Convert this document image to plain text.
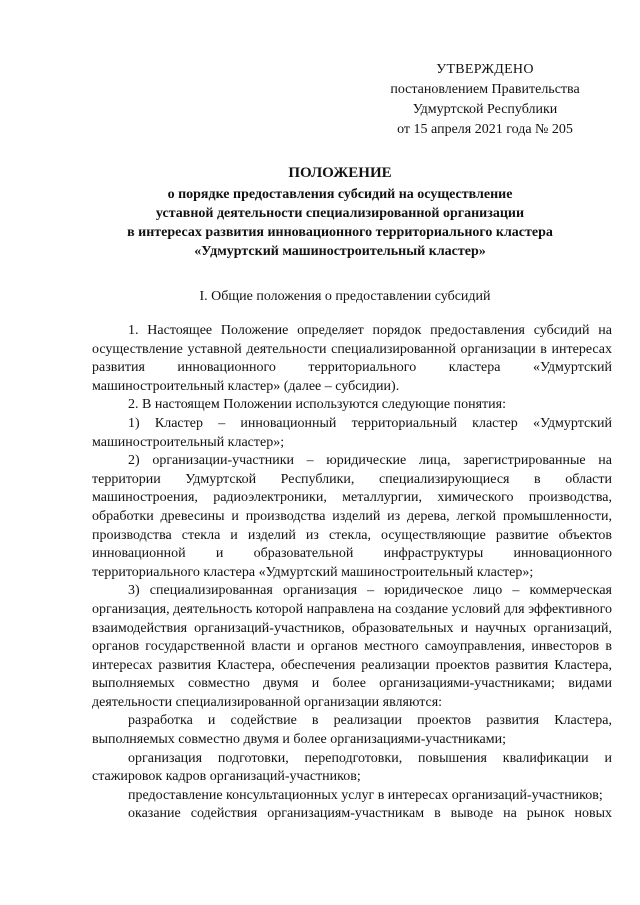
УТВЕРЖДЕНО
постановлением Правительства
Удмуртской Республики
от 15 апреля 2021 года № 205
ПОЛОЖЕНИЕ
о порядке предоставления субсидий на осуществление
уставной деятельности специализированной организации
в интересах развития инновационного территориального кластера
«Удмуртский машиностроительный кластер»
I. Общие положения о предоставлении субсидий

1. Настоящее Положение определяет порядок предоставления субсидий на осуществление уставной деятельности специализированной организации в интересах развития инновационного территориального кластера «Удмуртский машиностроительный кластер» (далее – субсидии).

2. В настоящем Положении используются следующие понятия:

1) Кластер – инновационный территориальный кластер «Удмуртский машиностроительный кластер»;

2) организации-участники – юридические лица, зарегистрированные на территории Удмуртской Республики, специализирующиеся в области машиностроения, радиоэлектроники, металлургии, химического производства, обработки древесины и производства изделий из дерева, легкой промышленности, производства стекла и изделий из стекла, осуществляющие развитие объектов инновационной и образовательной инфраструктуры инновационного территориального кластера «Удмуртский машиностроительный кластер»;

3) специализированная организация – юридическое лицо – коммерческая организация, деятельность которой направлена на создание условий для эффективного взаимодействия организаций-участников, образовательных и научных организаций, органов государственной власти и органов местного самоуправления, инвесторов в интересах развития Кластера, обеспечения реализации проектов развития Кластера, выполняемых совместно двумя и более организациями-участниками; видами деятельности специализированной организации являются:

разработка и содействие в реализации проектов развития Кластера, выполняемых совместно двумя и более организациями-участниками;

организация подготовки, переподготовки, повышения квалификации и стажировок кадров организаций-участников;

предоставление консультационных услуг в интересах организаций-участников;

оказание содействия организациям-участникам в выводе на рынок новых
